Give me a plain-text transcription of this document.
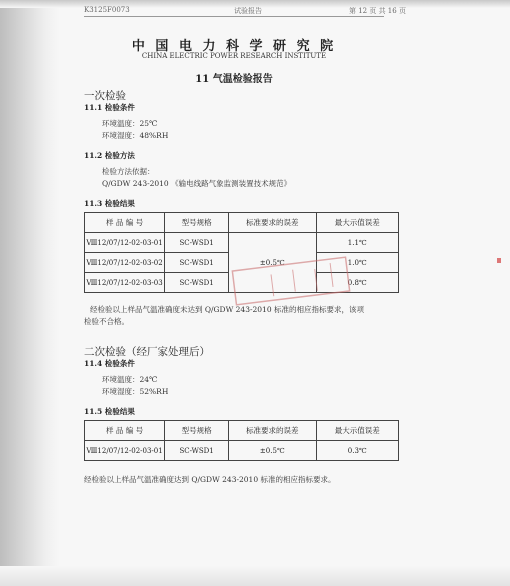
K3125F0073	试验报告	第 12 页 共 16 页
中 国 电 力 科 学 研 究 院
CHINA ELECTRIC POWER RESEARCH INSTITUTE
11 气温检验报告
一次检验
11.1 检验条件
环境温度：25℃
环境湿度：48%RH
11.2 检验方法
检验方法依据：
Q/GDW 243-2010 《输电线路气象监测装置技术规范》
11.3 检验结果
样 品 编 号	型号规格	标准要求的误差	最大示值误差
Ⅷ12/07/12-02-03-01	SC-WSD1	±0.5℃	1.1℃
Ⅷ12/07/12-02-03-02	SC-WSD1		1.0℃
Ⅷ12/07/12-02-03-03	SC-WSD1		0.8℃
经检验以上样品气温准确度未达到 Q/GDW 243-2010 标准的相应指标要求，该项
检验不合格。
二次检验（经厂家处理后）
11.4 检验条件
环境温度：24℃
环境湿度：52%RH
11.5 检验结果
样 品 编 号	型号规格	标准要求的误差	最大示值误差
Ⅷ12/07/12-02-03-01	SC-WSD1	±0.5℃	0.3℃
经检验以上样品气温准确度达到 Q/GDW 243-2010 标准的相应指标要求。
